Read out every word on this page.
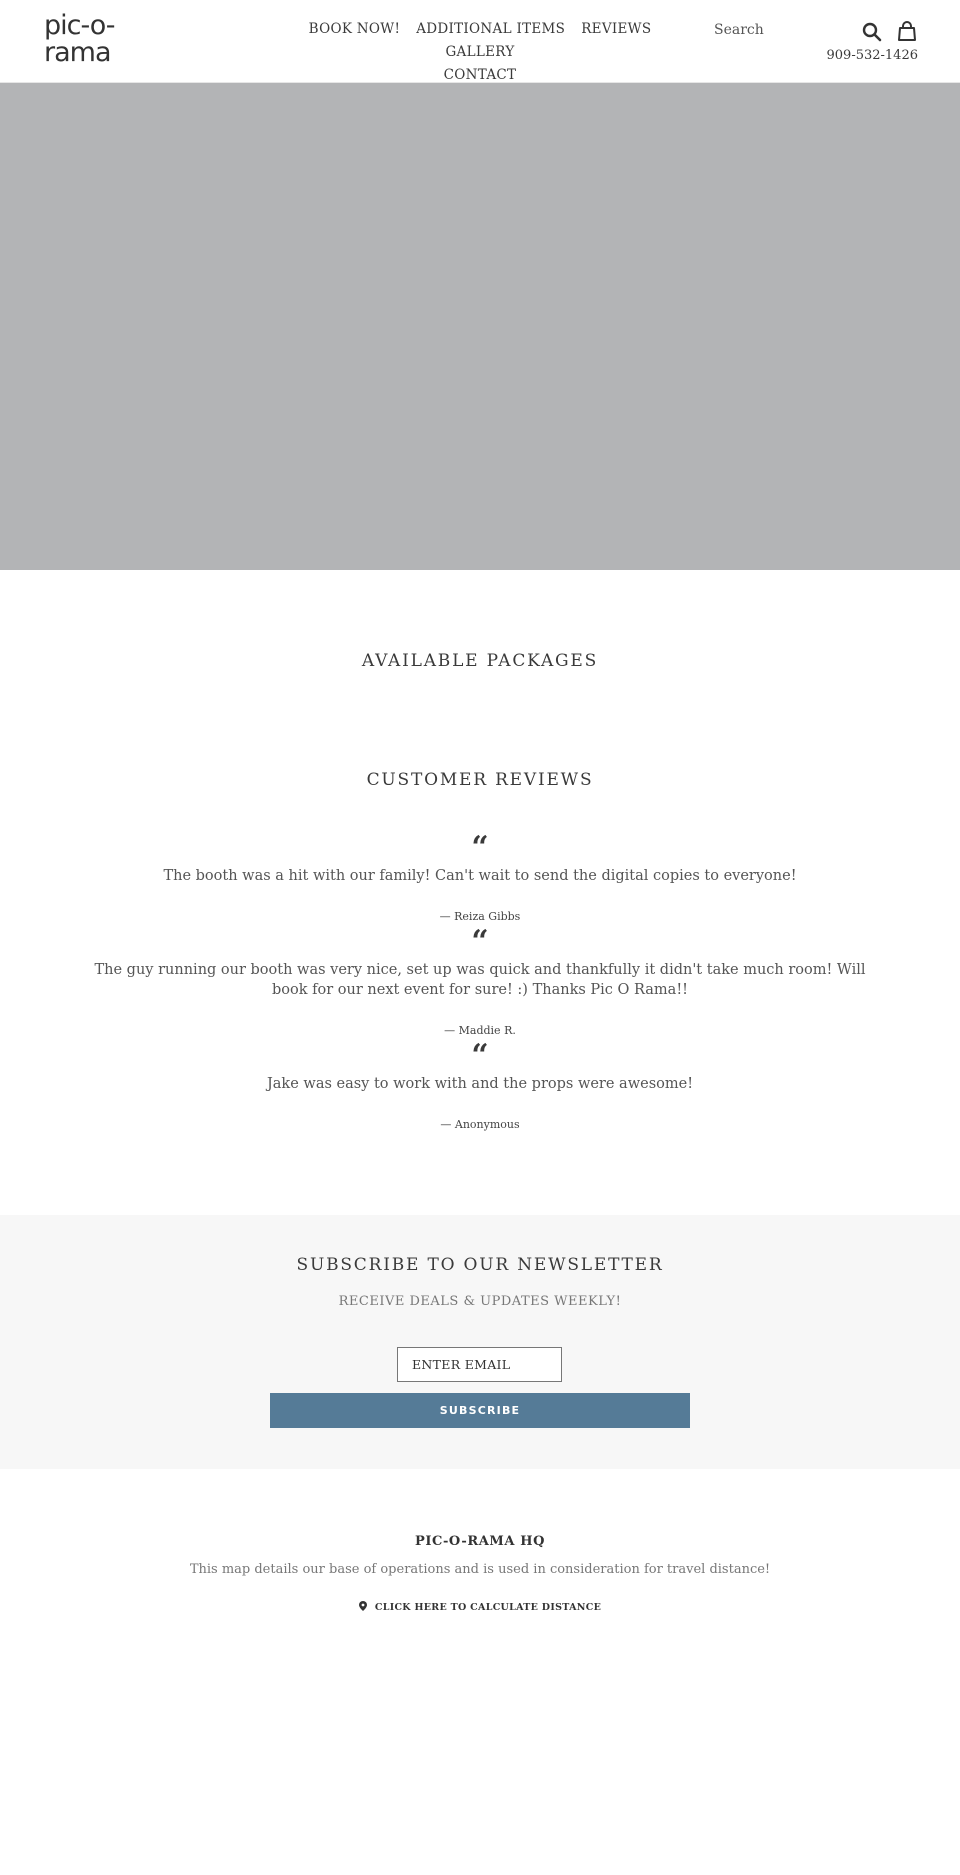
pic-o-rama
BOOK NOW! ADDITIONAL ITEMS REVIEWSGALLERY
CONTACT
Search
909-532-1426
AVAILABLE PACKAGES
CUSTOMER REVIEWS
“
The booth was a hit with our family! Can't wait to send the digital copies to everyone!
— Reiza Gibbs
“
The guy running our booth was very nice, set up was quick and thankfully it didn't take much room! Will book for our next event for sure! :) Thanks Pic O Rama!!
— Maddie R.
“
Jake was easy to work with and the props were awesome!
— Anonymous
SUBSCRIBE TO OUR NEWSLETTER
RECEIVE DEALS & UPDATES WEEKLY!
ENTER EMAIL
SUBSCRIBE
PIC-O-RAMA HQ
This map details our base of operations and is used in consideration for travel distance!
CLICK HERE TO CALCULATE DISTANCE
